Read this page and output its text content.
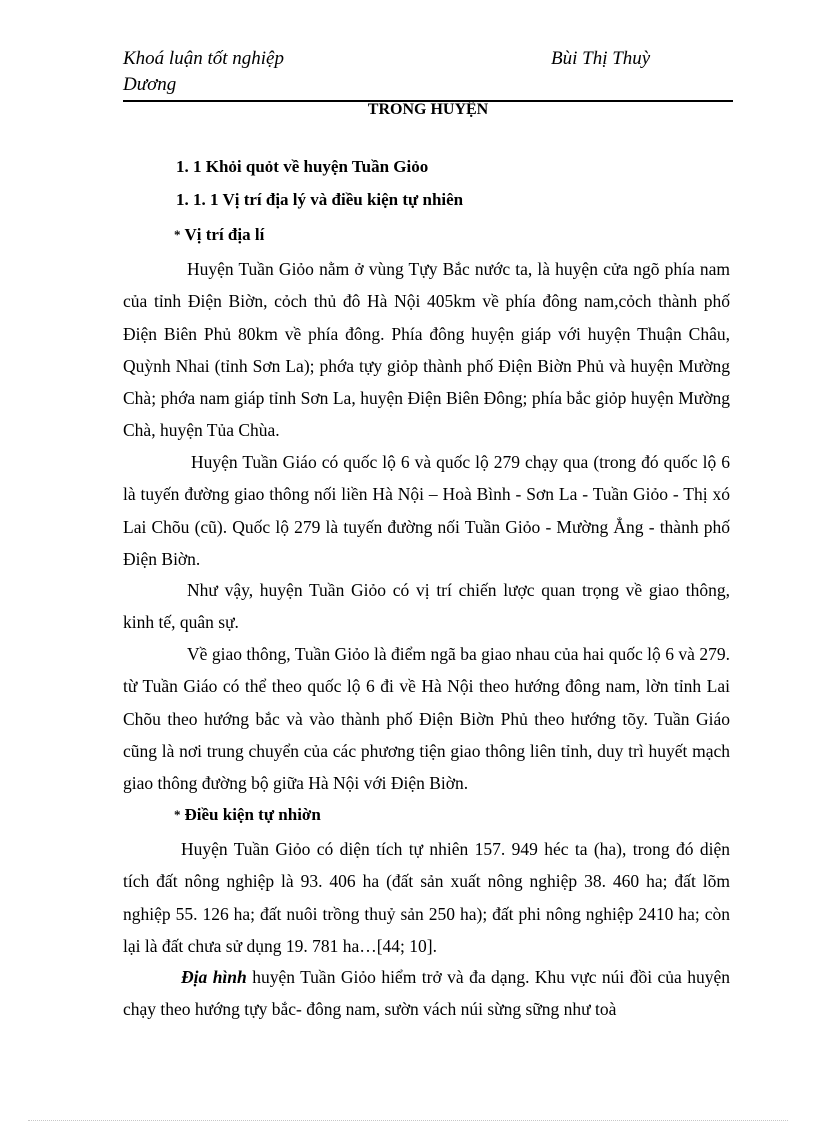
Khoá luận tốt nghiệp
Dương
Bùi Thị Thuỳ
TRONG HUYỆN
1. 1 Khỏi quỏt về huyện Tuần Giỏo
1. 1. 1 Vị trí địa lý và điều kiện tự nhiên
* Vị trí địa lí
Huyện Tuần Giỏo nằm ở vùng Tựy Bắc nước ta, là huyện cửa ngõ phía nam của tỉnh Điện Biờn, cỏch thủ đô Hà Nội 405km về phía đông nam,cỏch thành phố Điện Biên Phủ 80km về phía đông. Phía đông huyện giáp với huyện Thuận Châu, Quỳnh Nhai (tỉnh Sơn La); phớa tựy giỏp thành phố Điện Biờn Phủ và huyện Mường Chà; phớa nam giáp tỉnh Sơn La, huyện Điện Biên Đông; phía bắc giỏp huyện Mường Chà, huyện Tủa Chùa.
Huyện Tuần Giáo có quốc lộ 6 và quốc lộ 279 chạy qua (trong đó quốc lộ 6 là tuyến đường giao thông nối liền Hà Nội – Hoà Bình - Sơn La - Tuần Giỏo - Thị xó Lai Chõu (cũ). Quốc lộ 279 là tuyến đường nối Tuần Giỏo - Mường Ẳng - thành phố Điện Biờn.
Như vậy, huyện Tuần Giỏo có vị trí chiến lược quan trọng về giao thông, kinh tế, quân sự.
Về giao thông, Tuần Giỏo là điểm ngã ba giao nhau của hai quốc lộ 6 và 279. từ Tuần Giáo có thể theo quốc lộ 6 đi về Hà Nội theo hướng đông nam, lờn tỉnh Lai Chõu theo hướng bắc và vào thành phố Điện Biờn Phủ theo hướng tõy. Tuần Giáo cũng là nơi trung chuyển của các phương tiện giao thông liên tỉnh, duy trì huyết mạch giao thông đường bộ giữa Hà Nội với Điện Biờn.
* Điều kiện tự nhiờn
Huyện Tuần Giỏo có diện tích tự nhiên 157. 949 héc ta (ha), trong đó diện tích đất nông nghiệp là 93. 406 ha (đất sản xuất nông nghiệp 38. 460 ha; đất lõm nghiệp 55. 126 ha; đất nuôi trồng thuỷ sản 250 ha); đất phi nông nghiệp 2410 ha; còn lại là đất chưa sử dụng 19. 781 ha…[44; 10].
Địa hình huyện Tuần Giỏo hiểm trở và đa dạng. Khu vực núi đồi của huyện chạy theo hướng tựy bắc- đông nam, sườn vách núi sừng sững như toà
